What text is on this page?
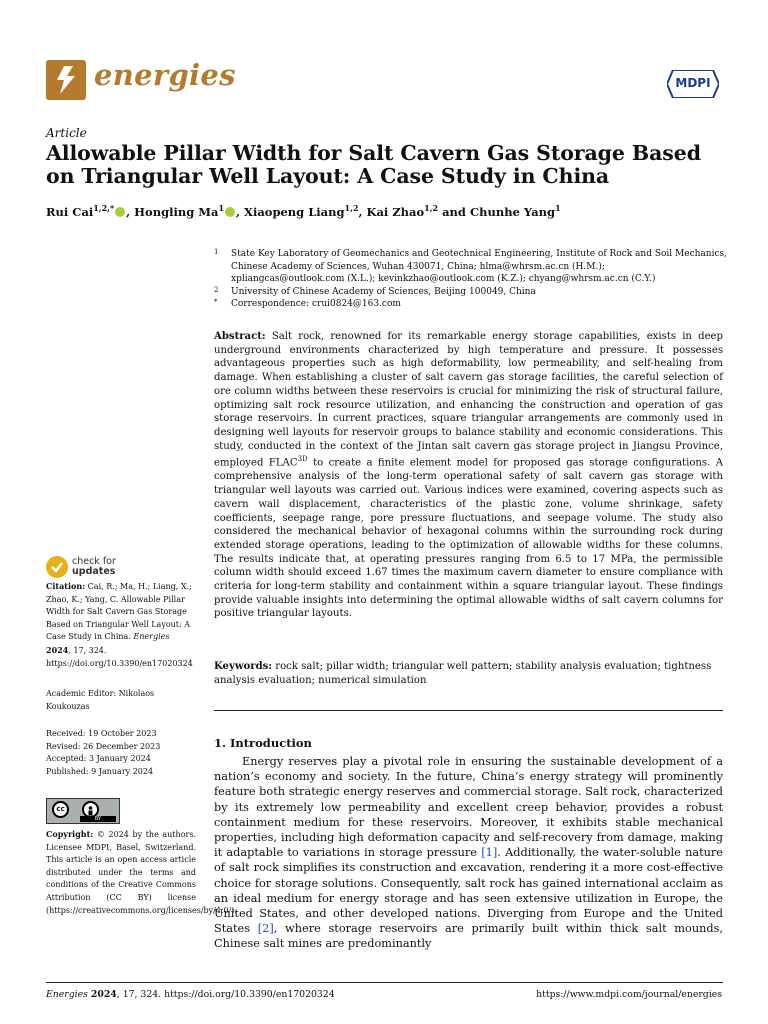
energies	MDPI
Article
Allowable Pillar Width for Salt Cavern Gas Storage Based on Triangular Well Layout: A Case Study in China
Rui Cai$^{1,2,*}$ , Hongling Ma$^1$ , Xiaopeng Liang$^{1,2}$, Kai Zhao$^{1,2}$ and Chunhe Yang$^1$
1 State Key Laboratory of Geomechanics and Geotechnical Engineering, Institute of Rock and Soil Mechanics,
Chinese Academy of Sciences, Wuhan 430071, China; hlma@whrsm.ac.cn (H.M.);
xpliangcas@outlook.com (X.L.); kevinkzhao@outlook.com (K.Z.); chyang@whrsm.ac.cn (C.Y.)
2 University of Chinese Academy of Sciences, Beijing 100049, China
* Correspondence: crui0824@163.com
Abstract: Salt rock, renowned for its remarkable energy storage capabilities, exists in deep underground environments characterized by high temperature and pressure. It possesses advantageous properties such as high deformability, low permeability, and self-healing from damage. When establishing a cluster of salt cavern gas storage facilities, the careful selection of ore column widths between these reservoirs is crucial for minimizing the risk of structural failure, optimizing salt rock resource utilization, and enhancing the construction and operation of gas storage reservoirs. In current practices, square triangular arrangements are commonly used in designing well layouts for reservoir groups to balance stability and economic considerations. This study, conducted in the context of the Jintan salt cavern gas storage project in Jiangsu Province, employed $FLAC^{3D}$ to create a finite element model for proposed gas storage configurations. A comprehensive analysis of the long-term operational safety of salt cavern gas storage with triangular well layouts was carried out. Various indices were examined, covering aspects such as cavern wall displacement, characteristics of the plastic zone, volume shrinkage, safety coefficients, seepage range, pore pressure fluctuations, and seepage volume. The study also considered the mechanical behavior of hexagonal columns within the surrounding rock during extended storage operations, leading to the optimization of allowable widths for these columns. The results indicate that, at operating pressures ranging from 6.5 to 17 MPa, the permissible column width should exceed 1.67 times the maximum cavern diameter to ensure compliance with criteria for long-term stability and containment within a square triangular layout. These findings provide valuable insights into determining the optimal allowable widths of salt cavern columns for positive triangular layouts.
Keywords: rock salt; pillar width; triangular well pattern; stability analysis evaluation; tightness analysis evaluation; numerical simulation
1. Introduction
Energy reserves play a pivotal role in ensuring the sustainable development of a nation’s economy and society. In the future, China’s energy strategy will prominently feature both strategic energy reserves and commercial storage. Salt rock, characterized by its extremely low permeability and excellent creep behavior, provides a robust containment medium for these reservoirs. Moreover, it exhibits stable mechanical properties, including high deformation capacity and self-recovery from damage, making it adaptable to variations in storage pressure [1]. Additionally, the water-soluble nature of salt rock simplifies its construction and excavation, rendering it a more cost-effective choice for storage solutions. Consequently, salt rock has gained international acclaim as an ideal medium for energy storage and has seen extensive utilization in Europe, the United States, and other developed nations. Diverging from Europe and the United States [2], where storage reservoirs are primarily built within thick salt mounds, Chinese salt mines are predominantly
check for
updates
Citation: Cai, R.; Ma, H.; Liang, X.; Zhao, K.; Yang, C. Allowable Pillar Width for Salt Cavern Gas Storage Based on Triangular Well Layout: A Case Study in China. Energies 2024, 17, 324. https://doi.org/10.3390/en17020324
Academic Editor: Nikolaos Koukouzas
Received: 19 October 2023
Revised: 26 December 2023
Accepted: 3 January 2024
Published: 9 January 2024
cc
BY
Copyright: © 2024 by the authors. Licensee MDPI, Basel, Switzerland. This article is an open access article distributed under the terms and conditions of the Creative Commons Attribution (CC BY) license (https://creativecommons.org/licenses/by/4.0/).
Energies 2024, 17, 324. https://doi.org/10.3390/en17020324	https://www.mdpi.com/journal/energies
